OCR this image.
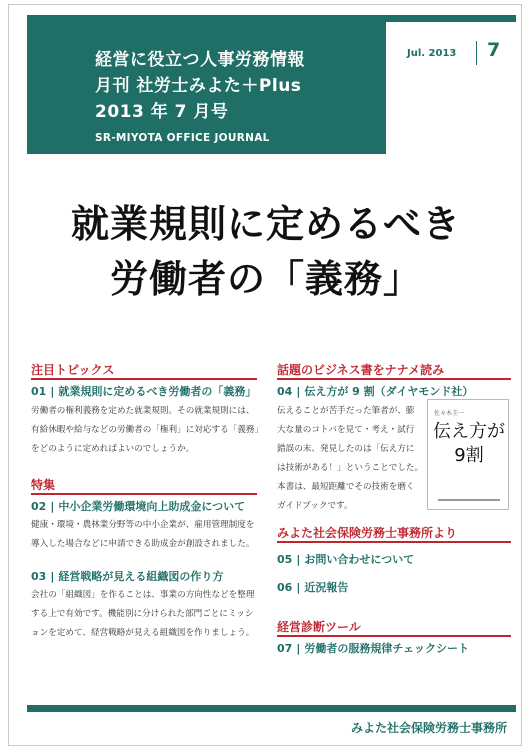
経営に役立つ人事労務情報
月刊 社労士みよた＋Plus
2013 年 7 月号
SR-MIYOTA OFFICE JOURNAL
Jul. 2013 7
就業規則に定めるべき
労働者の「義務」
注目トピックス
01 | 就業規則に定めるべき労働者の「義務」
労働者の権利義務を定めた就業規則。その就業規則には、
有給休暇や給与などの労働者の「権利」に対応する「義務」
をどのように定めればよいのでしょうか。
特集
02 | 中小企業労働環境向上助成金について
健康・環境・農林業分野等の中小企業が、雇用管理制度を
導入した場合などに申請できる助成金が創設されました。
03 | 経営戦略が見える組織図の作り方
会社の「組織図」を作ることは、事業の方向性などを整理
する上で有効です。機能別に分けられた部門ごとにミッシ
ョンを定めて、経営戦略が見える組織図を作りましょう。
話題のビジネス書をナナメ読み
04 | 伝え方が 9 割（ダイヤモンド社）
伝えることが苦手だった筆者が、膨
大な量のコトバを見て・考え・試行
錯誤の末、発見したのは「伝え方に
は技術がある！」ということでした。
本書は、最短距離でその技術を磨く
ガイドブックです。
佐々木圭一
伝え方が9割
みよた社会保険労務士事務所より
05 | お問い合わせについて
06 | 近況報告
経営診断ツール
07 | 労働者の服務規律チェックシート
みよた社会保険労務士事務所
